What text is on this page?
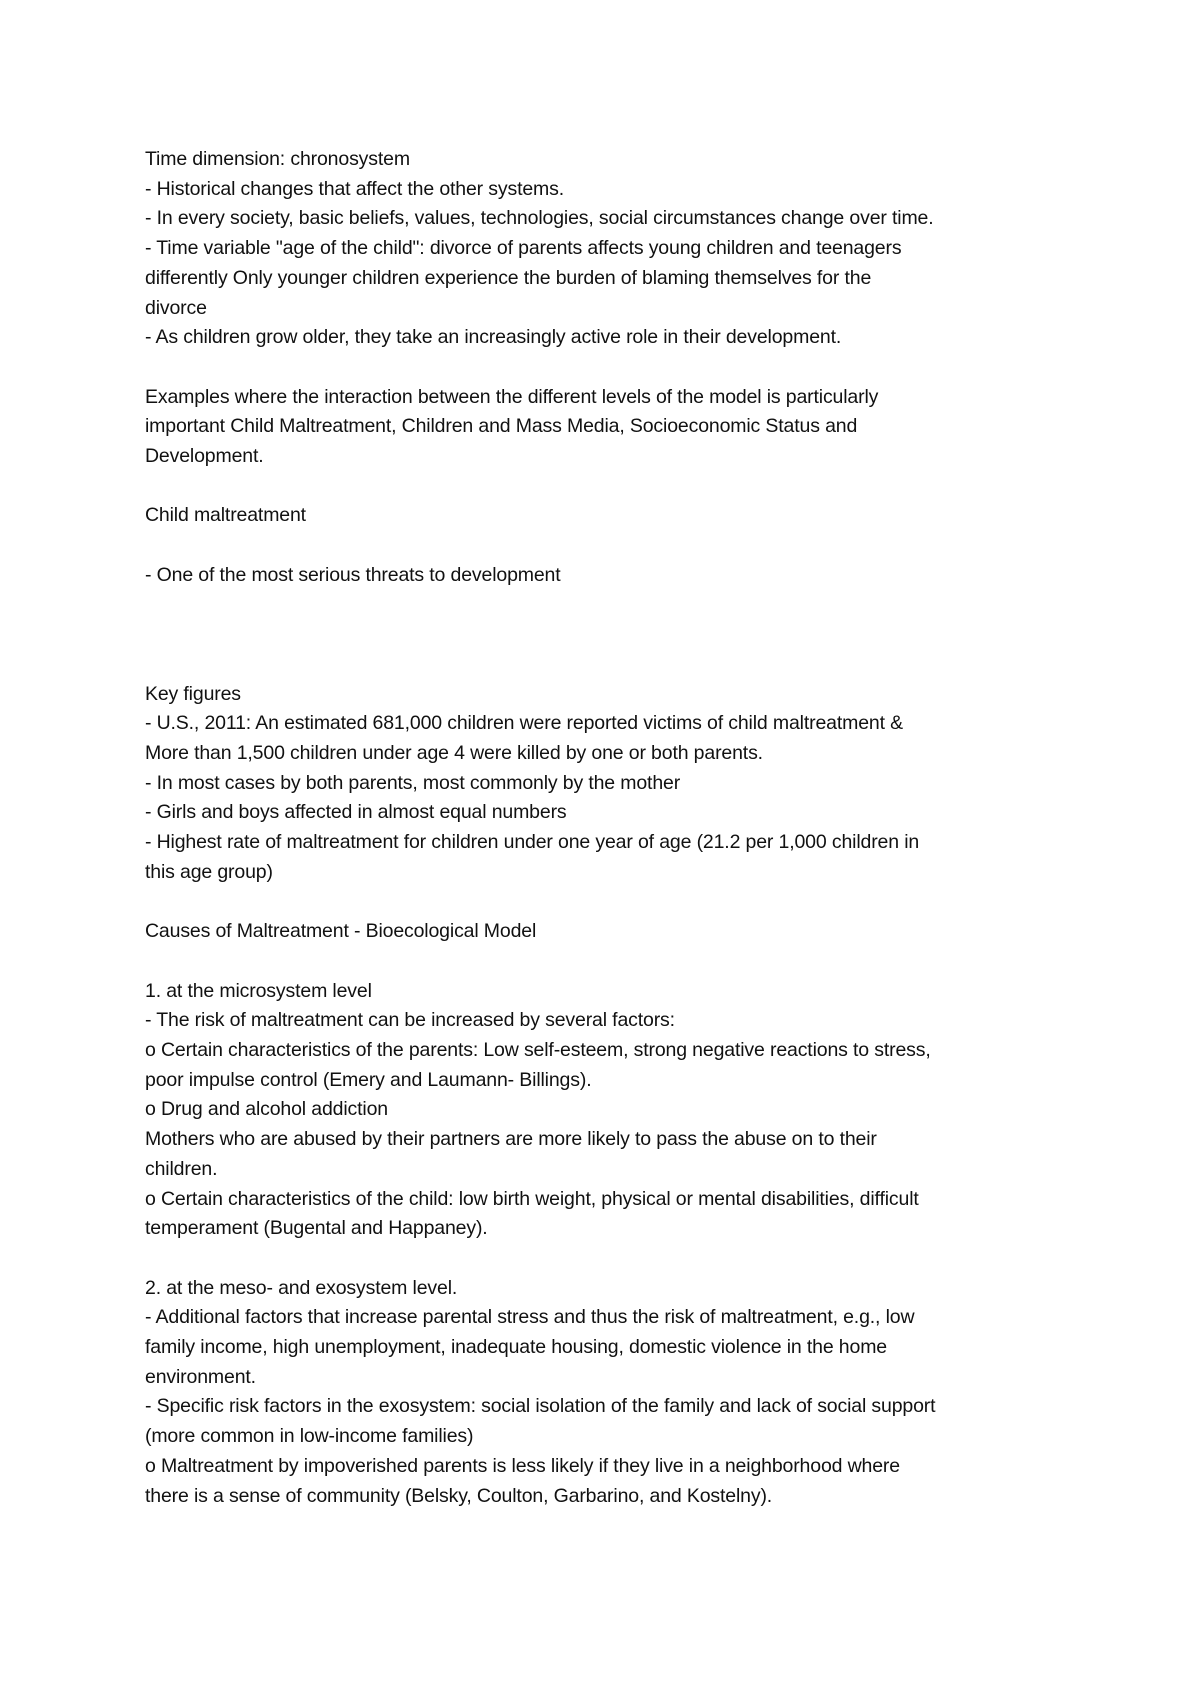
Time dimension: chronosystem
- Historical changes that affect the other systems.
- In every society, basic beliefs, values, technologies, social circumstances change over time.
- Time variable "age of the child": divorce of parents affects young children and teenagers
differently Only younger children experience the burden of blaming themselves for the
divorce
- As children grow older, they take an increasingly active role in their development.
Examples where the interaction between the different levels of the model is particularly
important Child Maltreatment, Children and Mass Media, Socioeconomic Status and
Development.
Child maltreatment
- One of the most serious threats to development
Key figures
- U.S., 2011: An estimated 681,000 children were reported victims of child maltreatment &
More than 1,500 children under age 4 were killed by one or both parents.
- In most cases by both parents, most commonly by the mother
- Girls and boys affected in almost equal numbers
- Highest rate of maltreatment for children under one year of age (21.2 per 1,000 children in
this age group)
Causes of Maltreatment - Bioecological Model
1. at the microsystem level
- The risk of maltreatment can be increased by several factors:
o Certain characteristics of the parents: Low self-esteem, strong negative reactions to stress,
poor impulse control (Emery and Laumann- Billings).
o Drug and alcohol addiction
Mothers who are abused by their partners are more likely to pass the abuse on to their
children.
o Certain characteristics of the child: low birth weight, physical or mental disabilities, difficult
temperament (Bugental and Happaney).
2. at the meso- and exosystem level.
- Additional factors that increase parental stress and thus the risk of maltreatment, e.g., low
family income, high unemployment, inadequate housing, domestic violence in the home
environment.
- Specific risk factors in the exosystem: social isolation of the family and lack of social support
(more common in low-income families)
o Maltreatment by impoverished parents is less likely if they live in a neighborhood where
there is a sense of community (Belsky, Coulton, Garbarino, and Kostelny).
